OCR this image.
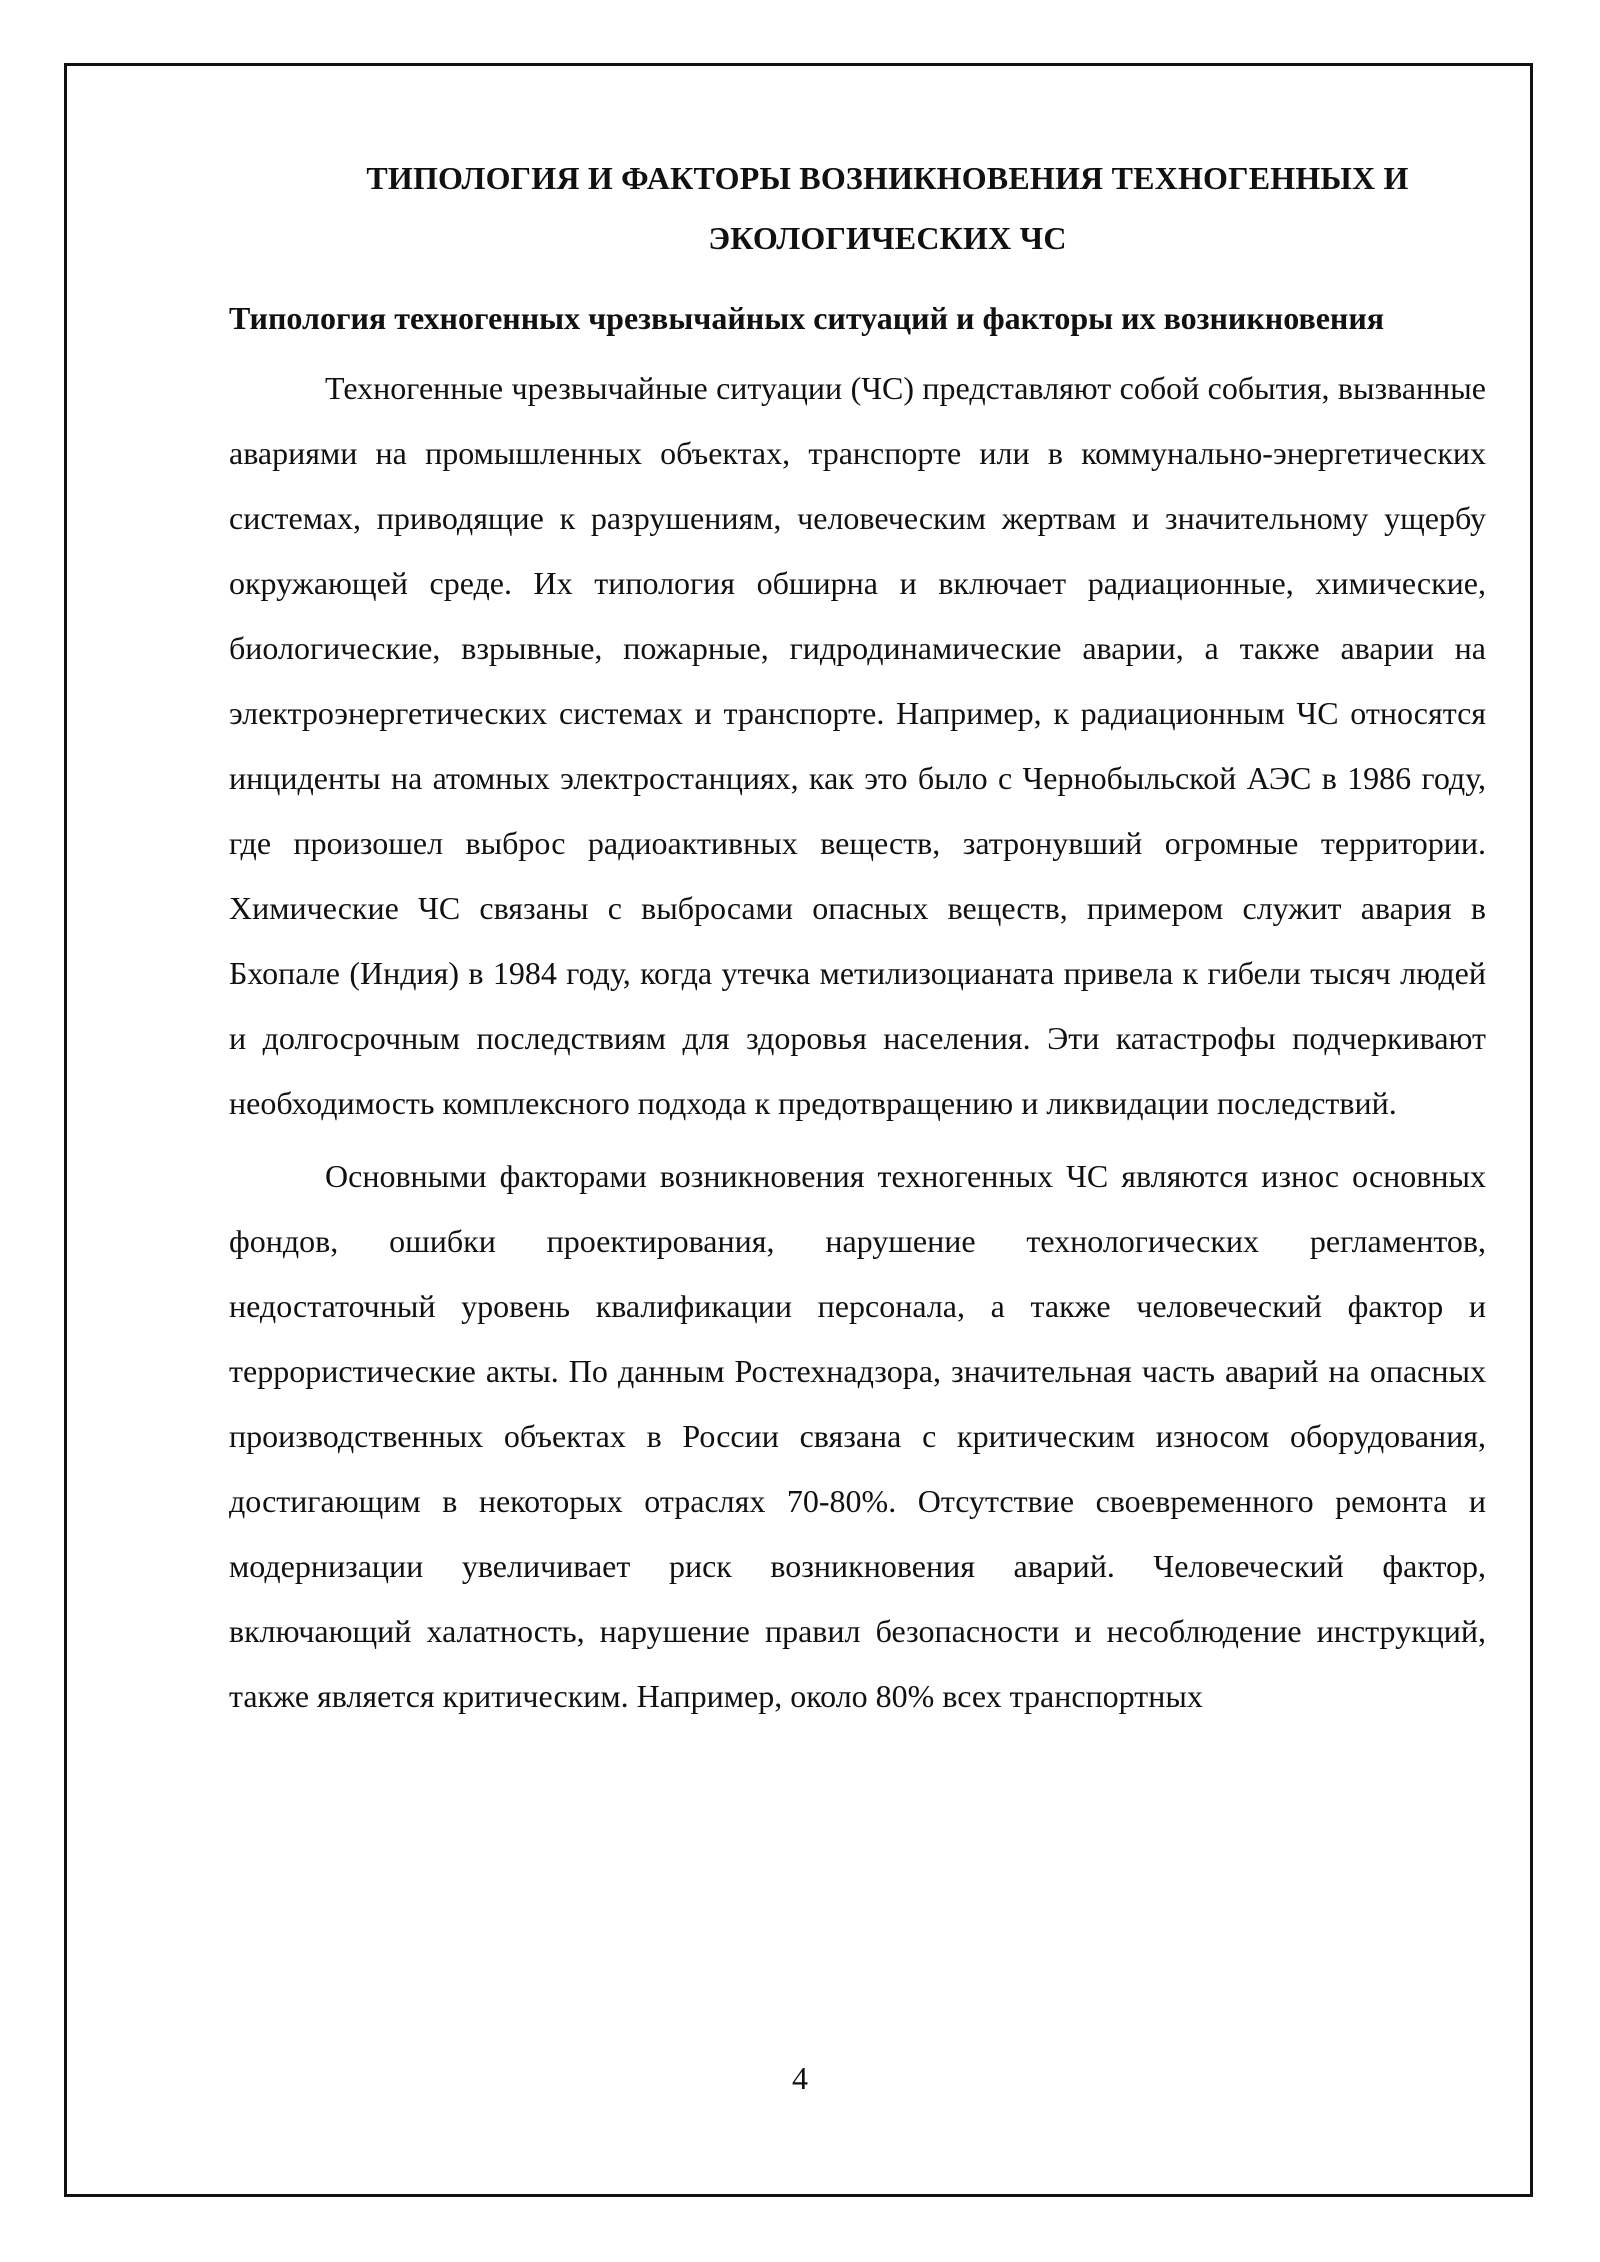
ТИПОЛОГИЯ И ФАКТОРЫ ВОЗНИКНОВЕНИЯ ТЕХНОГЕННЫХ И ЭКОЛОГИЧЕСКИХ ЧС
Типология техногенных чрезвычайных ситуаций и факторы их возникновения

Техногенные чрезвычайные ситуации (ЧС) представляют собой события, вызванные авариями на промышленных объектах, транспорте или в коммунально-энергетических системах, приводящие к разрушениям, человеческим жертвам и значительному ущербу окружающей среде. Их типология обширна и включает радиационные, химические, биологические, взрывные, пожарные, гидродинамические аварии, а также аварии на электроэнергетических системах и транспорте. Например, к радиационным ЧС относятся инциденты на атомных электростанциях, как это было с Чернобыльской АЭС в 1986 году, где произошел выброс радиоактивных веществ, затронувший огромные территории. Химические ЧС связаны с выбросами опасных веществ, примером служит авария в Бхопале (Индия) в 1984 году, когда утечка метилизоцианата привела к гибели тысяч людей и долгосрочным последствиям для здоровья населения. Эти катастрофы подчеркивают необходимость комплексного подхода к предотвращению и ликвидации последствий.

Основными факторами возникновения техногенных ЧС являются износ основных фондов, ошибки проектирования, нарушение технологических регламентов, недостаточный уровень квалификации персонала, а также человеческий фактор и террористические акты. По данным Ростехнадзора, значительная часть аварий на опасных производственных объектах в России связана с критическим износом оборудования, достигающим в некоторых отраслях 70-80%. Отсутствие своевременного ремонта и модернизации увеличивает риск возникновения аварий. Человеческий фактор, включающий халатность, нарушение правил безопасности и несоблюдение инструкций, также является критическим. Например, около 80% всех транспортных

4
